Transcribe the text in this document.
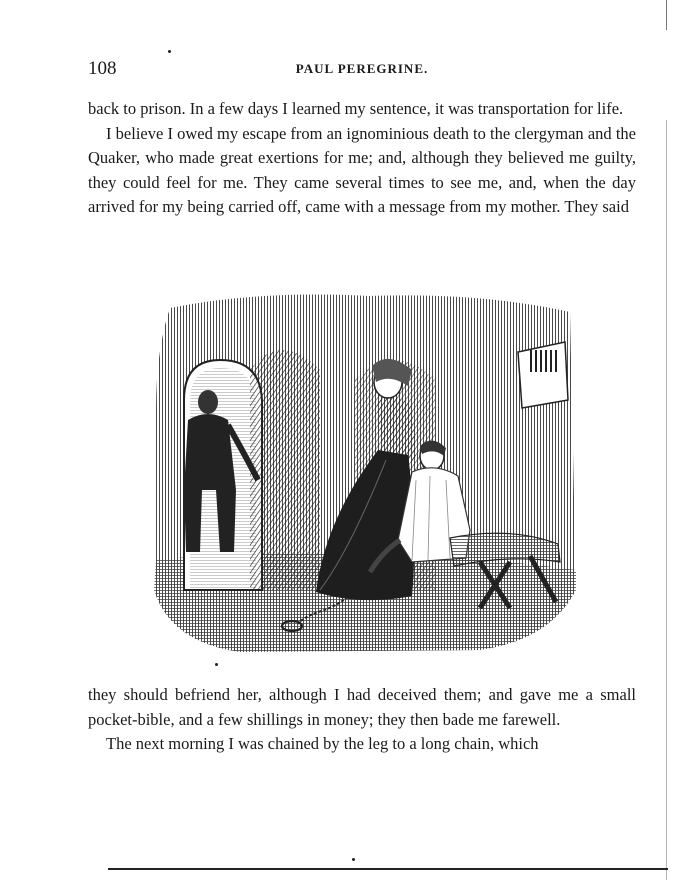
108	PAUL PEREGRINE.

back to prison. In a few days I learned my sentence, it was transportation for life.

I believe I owed my escape from an ignominious death to the clergyman and the Quaker, who made great exertions for me; and, although they believed me guilty, they could feel for me. They came several times to see me, and, when the day arrived for my being carried off, came with a message from my mother. They said

they should befriend her, although I had deceived them; and gave me a small pocket-bible, and a few shillings in money; they then bade me farewell.

The next morning I was chained by the leg to a long chain, which
